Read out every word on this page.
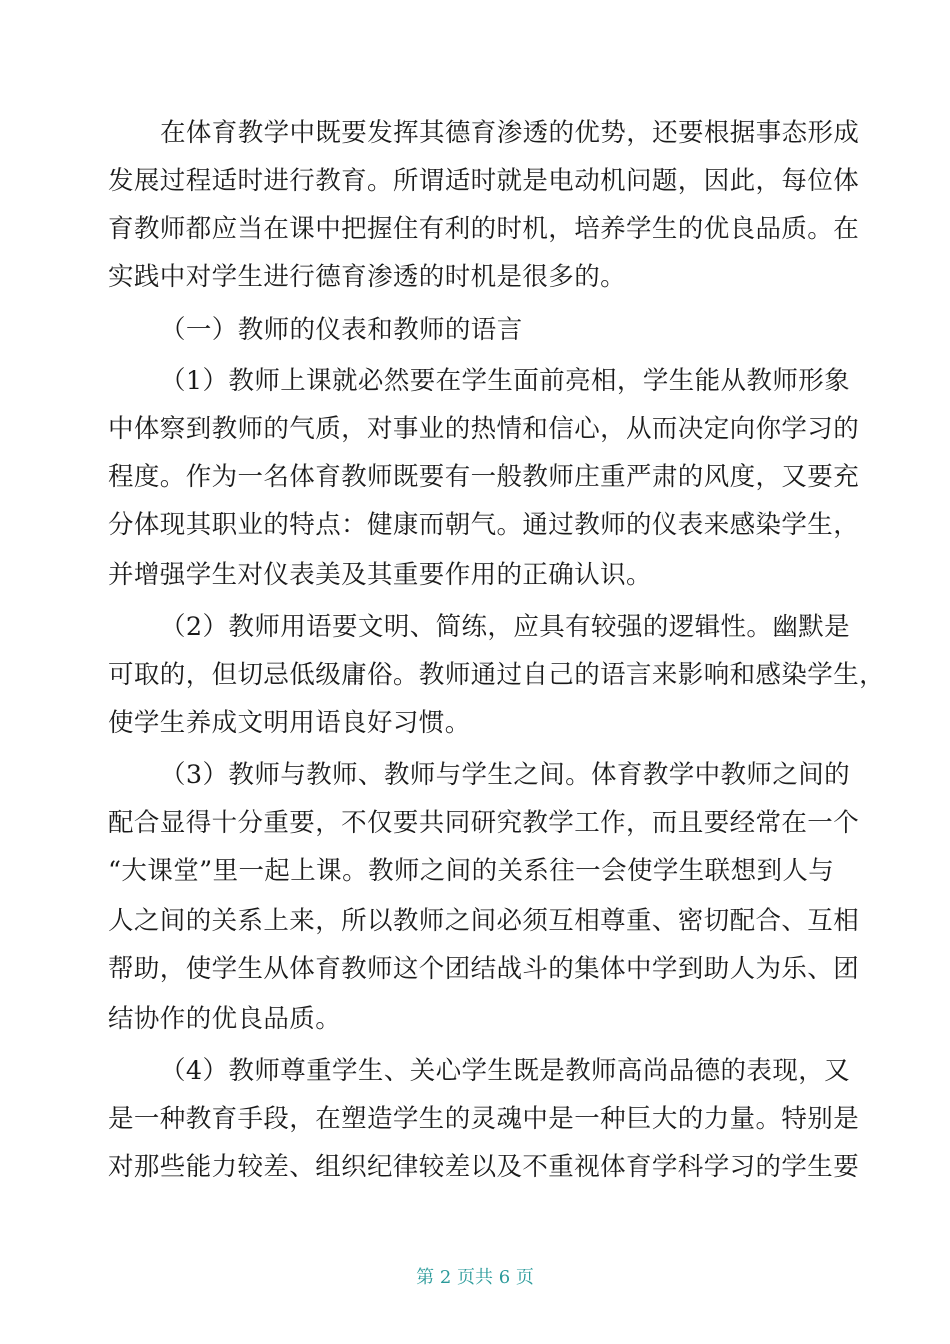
在体育教学中既要发挥其德育渗透的优势，还要根据事态形成
发展过程适时进行教育。所谓适时就是电动机问题，因此，每位体
育教师都应当在课中把握住有利的时机，培养学生的优良品质。在
实践中对学生进行德育渗透的时机是很多的。
（一）教师的仪表和教师的语言
（1）教师上课就必然要在学生面前亮相，学生能从教师形象
中体察到教师的气质，对事业的热情和信心，从而决定向你学习的
程度。作为一名体育教师既要有一般教师庄重严肃的风度，又要充
分体现其职业的特点：健康而朝气。通过教师的仪表来感染学生，
并增强学生对仪表美及其重要作用的正确认识。
（2）教师用语要文明、简练，应具有较强的逻辑性。幽默是
可取的，但切忌低级庸俗。教师通过自己的语言来影响和感染学生，
使学生养成文明用语良好习惯。
（3）教师与教师、教师与学生之间。体育教学中教师之间的
配合显得十分重要，不仅要共同研究教学工作，而且要经常在一个
“大课堂”里一起上课。教师之间的关系往一会使学生联想到人与
人之间的关系上来，所以教师之间必须互相尊重、密切配合、互相
帮助，使学生从体育教师这个团结战斗的集体中学到助人为乐、团
结协作的优良品质。
（4）教师尊重学生、关心学生既是教师高尚品德的表现，又
是一种教育手段，在塑造学生的灵魂中是一种巨大的力量。特别是
对那些能力较差、组织纪律较差以及不重视体育学科学习的学生要
第 2 页共 6 页
